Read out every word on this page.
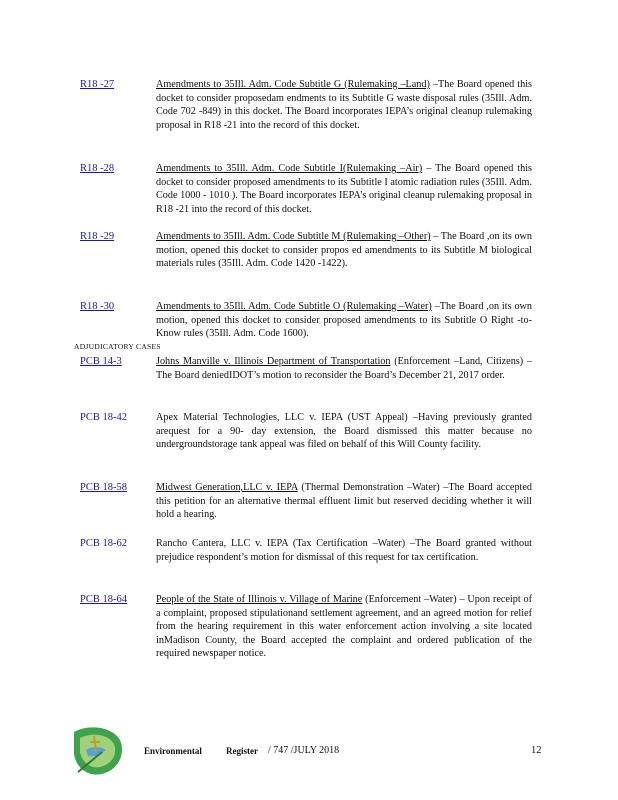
R18 -27	Amendments to 35Ill. Adm. Code Subtitle G (Rulemaking –Land) –The Board opened this docket to consider proposedam endments to its Subtitle G waste disposal rules (35Ill. Adm. Code 702 -849) in this docket. The Board incorporates IEPA’s original cleanup rulemaking proposal in R18 -21 into the record of this docket.
R18 -28	Amendments to 35Ill. Adm. Code Subtitle I(Rulemaking –Air) – The Board opened this docket to consider proposed amendments to its Subtitle I atomic radiation rules (35Ill. Adm. Code 1000 - 1010 ). The Board incorporates IEPA’s original cleanup rulemaking proposal in R18 -21 into the record of this docket.
R18 -29	Amendments to 35Ill. Adm. Code Subtitle M (Rulemaking –Other) – The Board ,on its own motion, opened this docket to consider propos ed amendments to its Subtitle M biological materials rules (35Ill. Adm. Code 1420 -1422).
R18 -30	Amendments to 35Ill. Adm. Code Subtitle O (Rulemaking –Water) –The Board ,on its own motion, opened this docket to consider proposed amendments to its Subtitle O Right -to-Know rules (35Ill. Adm. Code 1600).
ADJUDICATORY CASES
PCB 14-3	Johns Manville v. Illinois Department of Transportation (Enforcement –Land, Citizens) –The Board deniedIDOT’s motion to reconsider the Board’s December 21, 2017 order.
PCB 18-42	Apex Material Technologies, LLC v. IEPA (UST Appeal) –Having previously granted arequest for a 90- day extension, the Board dismissed this matter because no undergroundstorage tank appeal was filed on behalf of this Will County facility.
PCB 18-58	Midwest Generation,LLC v. IEPA (Thermal Demonstration –Water) –The Board accepted this petition for an alternative thermal effluent limit but reserved deciding whether it will hold a hearing.
PCB 18-62	Rancho Cantera, LLC v. IEPA (Tax Certification –Water) –The Board granted without prejudice respondent’s motion for dismissal of this request for tax certification.
PCB 18-64	People of the State of Illinois v. Village of Marine (Enforcement –Water) – Upon receipt of a complaint, proposed stipulationand settlement agreement, and an agreed motion for relief from the hearing requirement in this water enforcement action involving a site located inMadison County, the Board accepted the complaint and ordered publication of the required newspaper notice.
Environmental	Register / 747 /JULY 2018	12
